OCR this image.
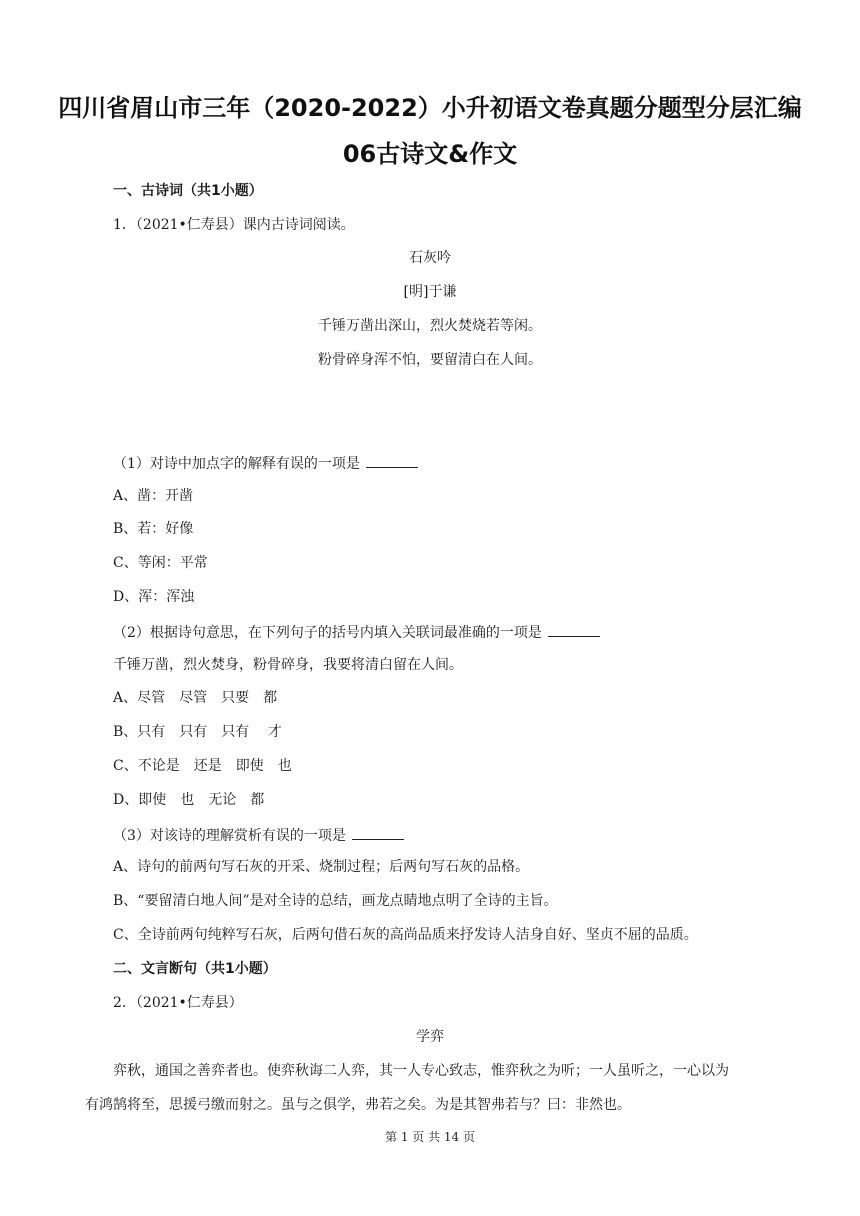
四川省眉山市三年（2020-2022）小升初语文卷真题分题型分层汇编
06古诗文&作文
一、古诗词（共1小题）
1．（2021•仁寿县）课内古诗词阅读。
石灰吟
[明]于谦
千锤万凿出深山，烈火焚烧若等闲。
粉骨碎身浑不怕，要留清白在人间。
（1）对诗中加点字的解释有误的一项是
A、凿：开凿
B、若：好像
C、等闲：平常
D、浑：浑浊
（2）根据诗句意思，在下列句子的括号内填入关联词最准确的一项是
千锤万凿，烈火焚身，粉骨碎身，我要将清白留在人间。
A、尽管　尽管　只要　都
B、只有　只有　只有　 才
C、不论是　还是　即使　也
D、即使　也　无论　都
（3）对该诗的理解赏析有误的一项是
A、诗句的前两句写石灰的开采、烧制过程；后两句写石灰的品格。
B、“要留清白地人间”是对全诗的总结，画龙点睛地点明了全诗的主旨。
C、全诗前两句纯粹写石灰，后两句借石灰的高尚品质来抒发诗人洁身自好、坚贞不屈的品质。
二、文言断句（共1小题）
2．（2021•仁寿县）
学弈
弈秋，通国之善弈者也。使弈秋诲二人弈，其一人专心致志，惟弈秋之为听；一人虽听之，一心以为
有鸿鹄将至，思援弓缴而射之。虽与之俱学，弗若之矣。为是其智弗若与？曰：非然也。
第 1 页 共 14 页
